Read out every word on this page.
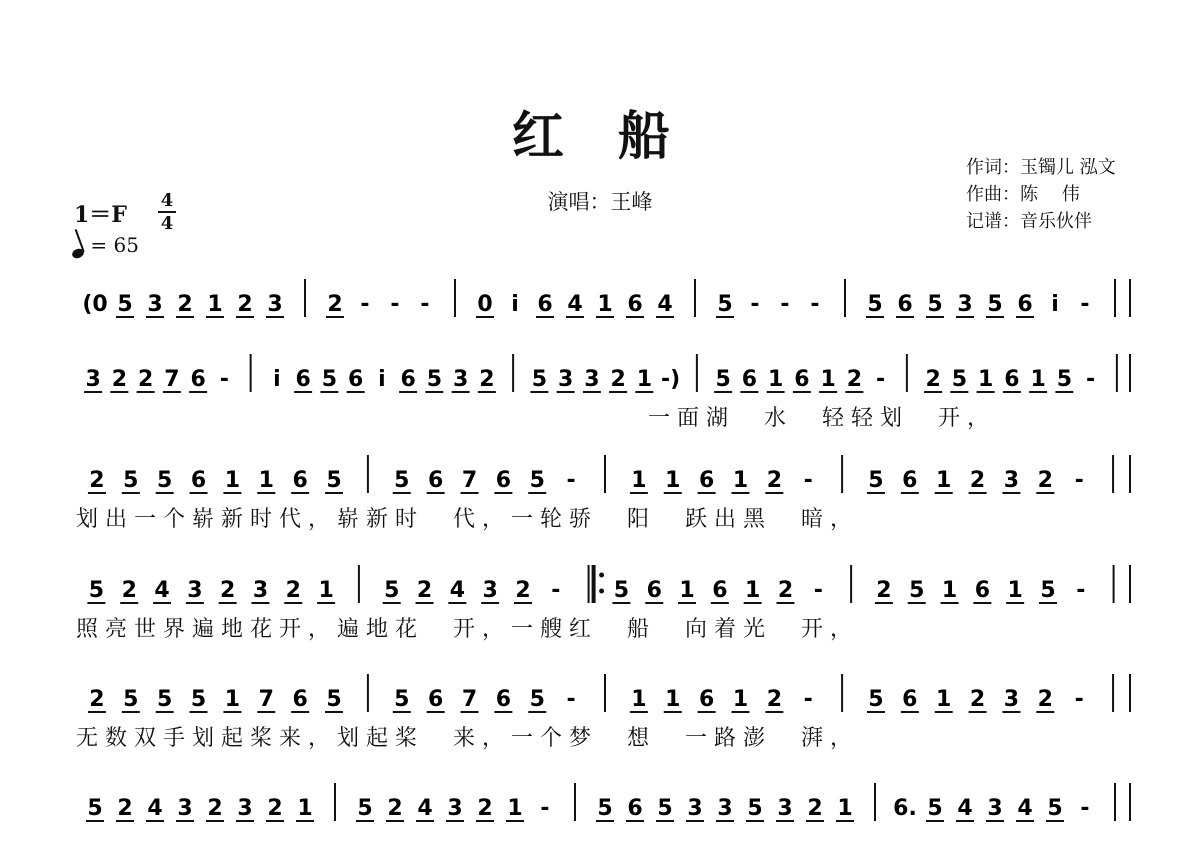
红 船
演唱：王峰
作词：玉镯儿 泓文
作曲：陈　 伟
记谱：音乐伙伴
1＝F
4
4
= 65
(0 5 3 2 1 2 3 2 - - - 0 i 6 4 1 6 4 5 - - - 5 6 5 3 5 6 i -
3 2 2 7 6 - i 6 5 6 i 6 5 3 2 5 3 3 2 1 -) 5 6 1 6 1 2 - 2 5 1 6 1 5 -
2 5 5 6 1 1 6 5 5 6 7 6 5 -	1 1 6 1 2 -	5 6 1 2 3 2 -
5 2 4 3 2 3 2 1 5 2 4 3 2 - 5 6 1 6 1 2 - 2 5 1 6 1 5 -
2 5 5 5 1 7 6 5 5 6 7 6 5 -	1 1 6 1 2 -	5 6 1 2 3 2 -
5 2 4 3 2 3 2 1 5 2 4 3 2 1 - 5 6 5 3 3 5 3 2 1 6. 5 4 3 4 5 -
一面湖　水　轻轻划　开，
划出一个崭新时代，崭新时　代，一轮骄　阳　跃出黑　暗，
照亮世界遍地花开，遍地花　开，一艘红　船　向着光　开，
无数双手划起桨来，划起桨　来，一个梦　想　一路澎　湃，
